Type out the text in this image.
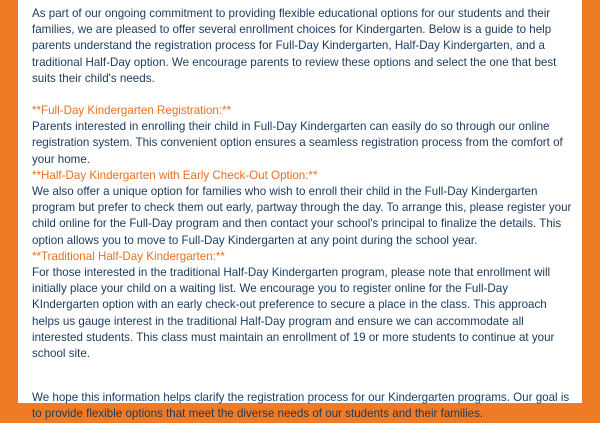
As part of our ongoing commitment to providing flexible educational options for our students and their families, we are pleased to offer several enrollment choices for Kindergarten. Below is a guide to help parents understand the registration process for Full-Day Kindergarten, Half-Day Kindergarten, and a traditional Half-Day option. We encourage parents to review these options and select the one that best suits their child's needs.

**Full-Day Kindergarten Registration:**

Parents interested in enrolling their child in Full-Day Kindergarten can easily do so through our online registration system. This convenient option ensures a seamless registration process from the comfort of your home.

**Half-Day Kindergarten with Early Check-Out Option:**

We also offer a unique option for families who wish to enroll their child in the Full-Day Kindergarten program but prefer to check them out early, partway through the day. To arrange this, please register your child online for the Full-Day program and then contact your school's principal to finalize the details. This option allows you to move to Full-Day Kindergarten at any point during the school year.

**Traditional Half-Day Kindergarten:**

For those interested in the traditional Half-Day Kindergarten program, please note that enrollment will initially place your child on a waiting list. We encourage you to register online for the Full-Day KIndergarten option with an early check-out preference to secure a place in the class. This approach helps us gauge interest in the traditional Half-Day program and ensure we can accommodate all interested students. This class must maintain an enrollment of 19 or more students to continue at your school site.

We hope this information helps clarify the registration process for our Kindergarten programs. Our goal is to provide flexible options that meet the diverse needs of our students and their families.
